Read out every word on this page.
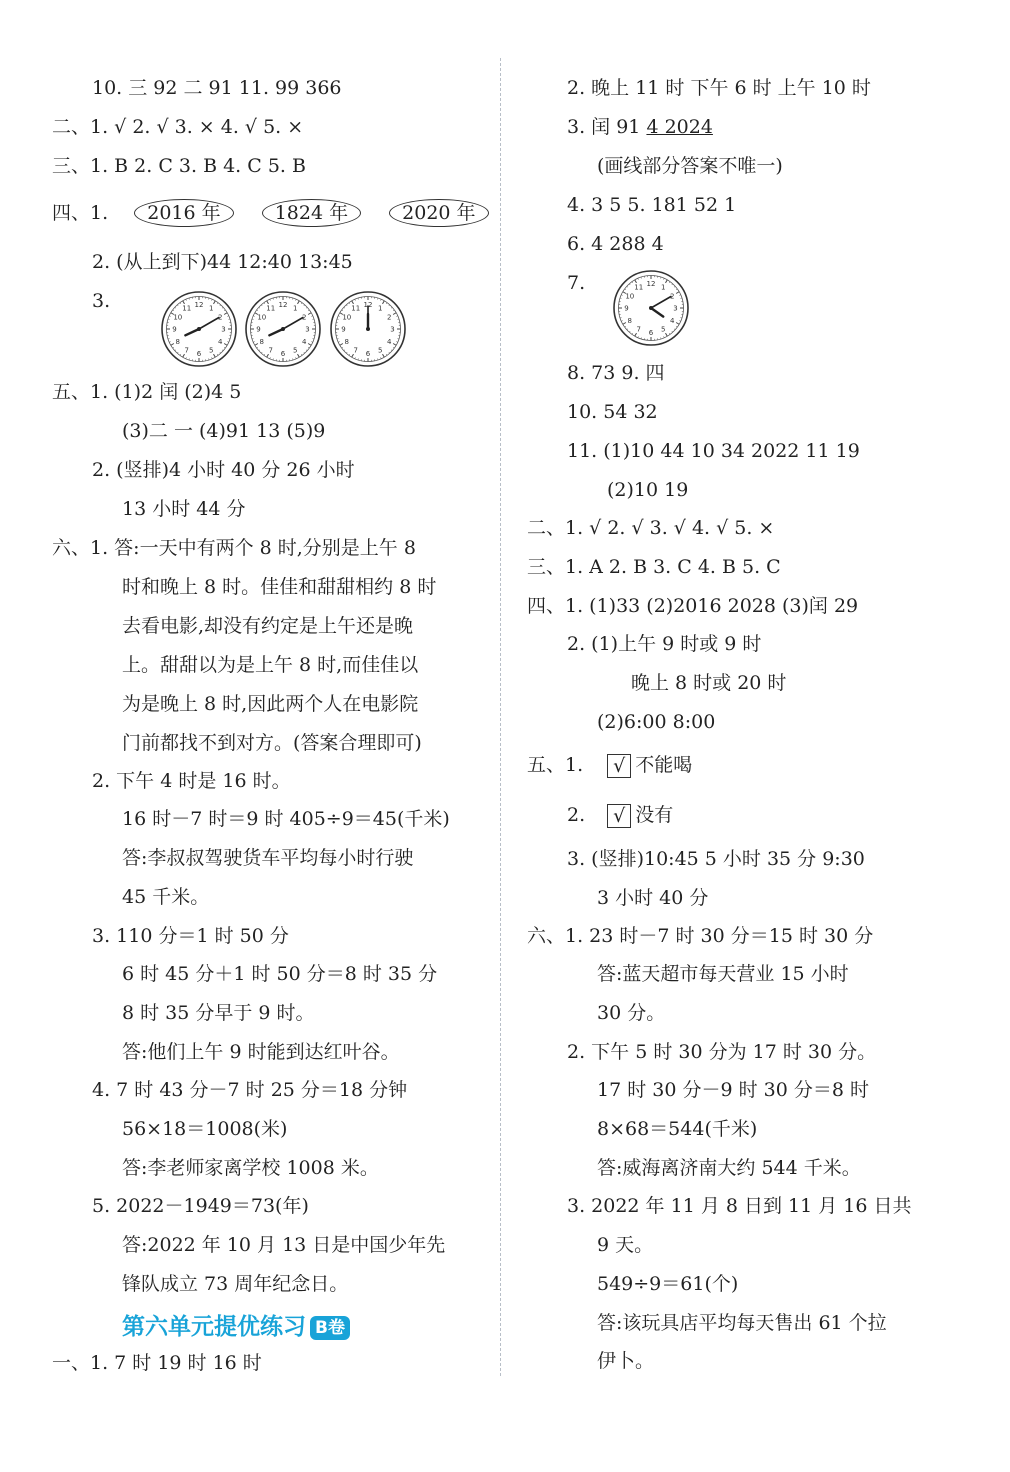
10. 三 92 二 91 11. 99 366
二、1. √ 2. √ 3. × 4. √ 5. ×
三、1. B 2. C 3. B 4. C 5. B
四、1. 2016 年	1824 年	2020 年
2. (从上到下)44 12:40 13:45
3.
五、1. (1)2 闰 (2)4 5
(3)二 一 (4)91 13 (5)9
2. (竖排)4 小时 40 分 26 小时
13 小时 44 分
六、1. 答:一天中有两个 8 时,分别是上午 8
时和晚上 8 时。佳佳和甜甜相约 8 时
去看电影,却没有约定是上午还是晚
上。甜甜以为是上午 8 时,而佳佳以
为是晚上 8 时,因此两个人在电影院
门前都找不到对方。(答案合理即可)
2. 下午 4 时是 16 时。
16 时－7 时＝9 时 405÷9＝45(千米)
答:李叔叔驾驶货车平均每小时行驶
45 千米。
3. 110 分＝1 时 50 分
6 时 45 分＋1 时 50 分＝8 时 35 分
8 时 35 分早于 9 时。
答:他们上午 9 时能到达红叶谷。
4. 7 时 43 分－7 时 25 分＝18 分钟
56×18＝1008(米)
答:李老师家离学校 1008 米。
5. 2022－1949＝73(年)
答:2022 年 10 月 13 日是中国少年先
锋队成立 73 周年纪念日。
第六单元提优练习 B卷
一、1. 7 时 19 时 16 时
2. 晚上 11 时 下午 6 时 上午 10 时
3. 闰 91 4 2024
(画线部分答案不唯一)
4. 3 5 5. 181 52 1
6. 4 288 4
7.
8. 73 9. 四
10. 54 32
11. (1)10 44 10 34 2022 11 19
(2)10 19
二、1. √ 2. √ 3. √ 4. √ 5. ×
三、1. A 2. B 3. C 4. B 5. C
四、1. (1)33 (2)2016 2028 (3)闰 29
2. (1)上午 9 时或 9 时
晚上 8 时或 20 时
(2)6:00 8:00
五、1. √ 不能喝
2. √ 没有
3. (竖排)10:45 5 小时 35 分 9:30
3 小时 40 分
六、1. 23 时－7 时 30 分＝15 时 30 分
答:蓝天超市每天营业 15 小时
30 分。
2. 下午 5 时 30 分为 17 时 30 分。
17 时 30 分－9 时 30 分＝8 时
8×68＝544(千米)
答:威海离济南大约 544 千米。
3. 2022 年 11 月 8 日到 11 月 16 日共
9 天。
549÷9＝61(个)
答:该玩具店平均每天售出 61 个拉
伊卜。
1
2
3
4
5
6
7
8
9
10
11 12	1
2
3
4
5
6
7
8
9
10
11 12	1
2
3
4
5
6
7
8
9
10
11 12
1
2
3
4
5
6
7
8
9
10
11 12
